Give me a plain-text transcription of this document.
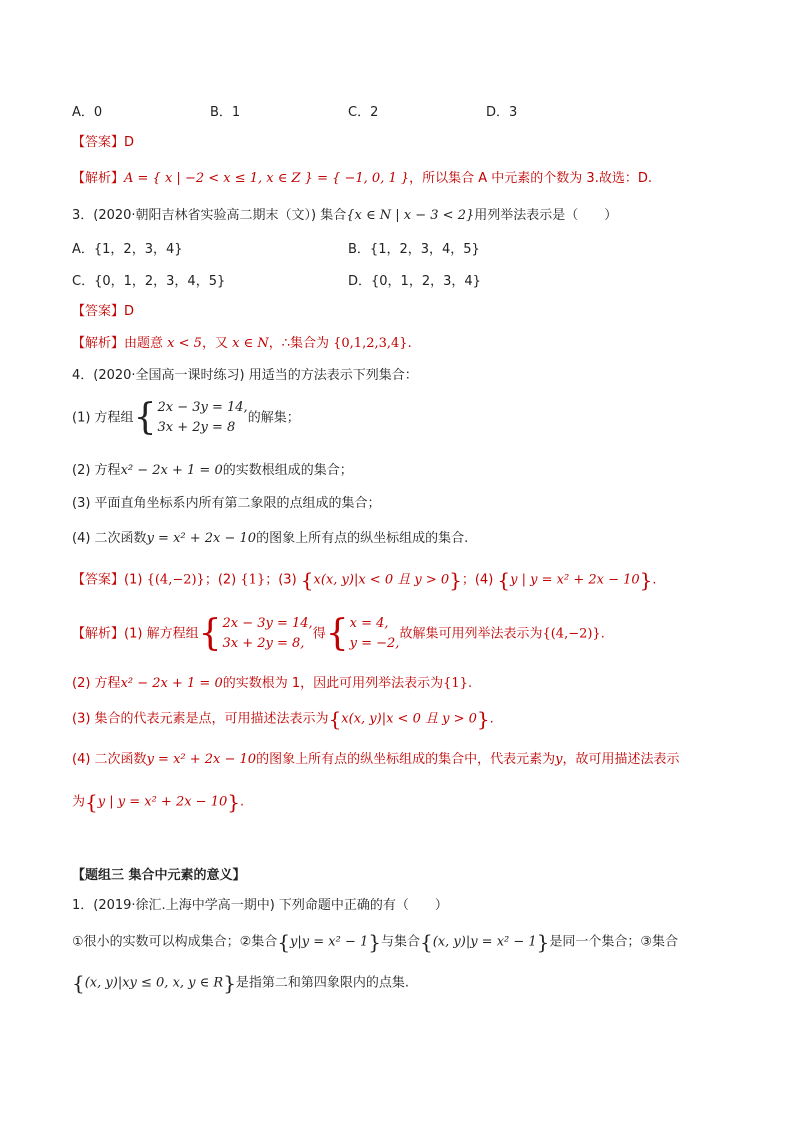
A．0	B．1	C．2	D．3
【答案】D
【解析】A = { x | −2 < x ≤ 1, x ∈ Z } = { −1, 0, 1 }，所以集合 A 中元素的个数为 3.故选：D.
3．(2020·朝阳吉林省实验高二期末（文）) 集合{x ∈ N | x − 3 < 2}用列举法表示是（　　）
A．{1，2，3，4}	B．{1，2，3，4，5}
C．{0，1，2，3，4，5}	D．{0，1，2，3，4}
【答案】D
【解析】由题意 x < 5，又 x ∈ N，∴集合为 {0,1,2,3,4}.
4．(2020·全国高一课时练习) 用适当的方法表示下列集合：
(1) 方程组 { 2x − 3y = 14,
3x + 2y = 8
的解集；
(2) 方程x² − 2x + 1 = 0的实数根组成的集合；
(3) 平面直角坐标系内所有第二象限的点组成的集合；
(4) 二次函数y = x² + 2x − 10的图象上所有点的纵坐标组成的集合.
【答案】(1) {(4,−2)}；(2) {1}；(3) {x(x, y)|x < 0 且 y > 0}；(4) {y | y = x² + 2x − 10}.
【解析】(1) 解方程组 { 2x − 3y = 14,
3x + 2y = 8,
得 { x = 4,
y = −2,
故解集可用列举法表示为{(4,−2)}.
(2) 方程x² − 2x + 1 = 0的实数根为 1，因此可用列举法表示为{1}.
(3) 集合的代表元素是点，可用描述法表示为{x(x, y)|x < 0 且 y > 0}.
(4) 二次函数y = x² + 2x − 10的图象上所有点的纵坐标组成的集合中，代表元素为y，故可用描述法表示
为{y | y = x² + 2x − 10}.
【题组三 集合中元素的意义】
1．(2019·徐汇.上海中学高一期中) 下列命题中正确的有（　　）
①很小的实数可以构成集合；②集合{y|y = x² − 1}与集合{(x, y)|y = x² − 1}是同一个集合；③集合
{(x, y)|xy ≤ 0, x, y ∈ R}是指第二和第四象限内的点集.
